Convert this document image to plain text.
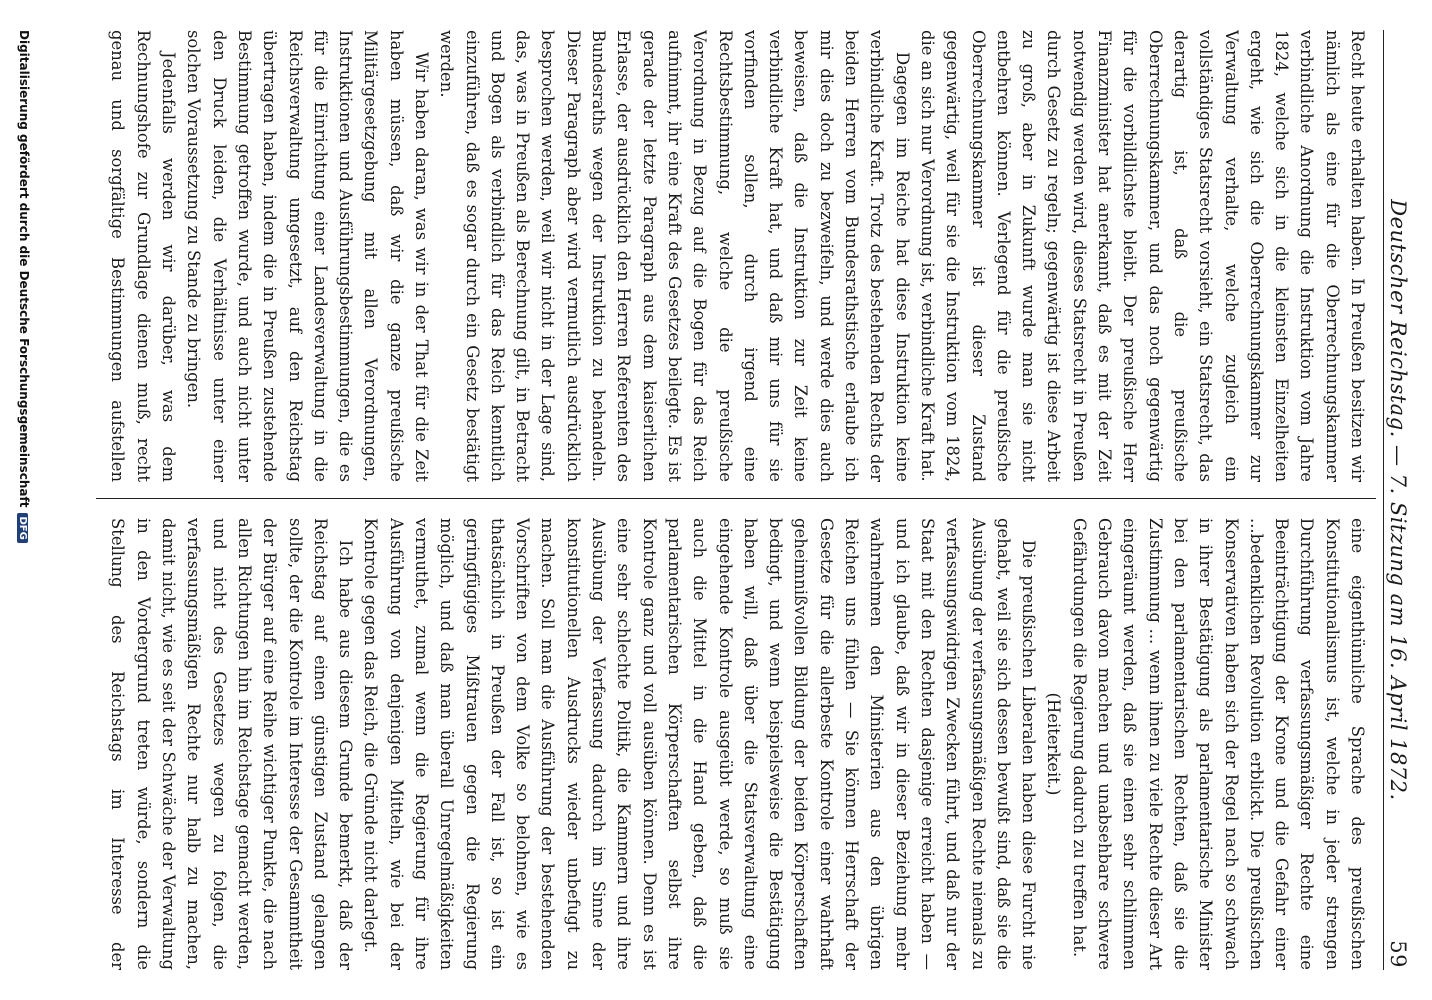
Deutscher Reichstag. — 7. Sitzung am 16. April 1872.
59

Recht heute erhalten haben. In Preußen besitzen wir nämlich als eine für die Oberrechnungskammer verbindliche Anordnung die Instruktion vom Jahre 1824, welche sich in die kleinsten Einzelheiten ergeht, wie sich die Oberrechnungskammer zur Verwaltung verhalte, welche zugleich ein vollständiges Statsrecht vorsieht, ein Statsrecht, das derartig ist, daß die preußische Oberrechnungskammer, und das noch gegenwärtig für die vorbildlichste bleibt. Der preußische Herr Finanzminister hat anerkannt, daß es mit der Zeit notwendig werden wird, dieses Statsrecht in Preußen durch Gesetz zu regeln; gegenwärtig ist diese Arbeit zu groß, aber in Zukunft wurde man sie nicht entbehren können. Verlegend für die preußische Oberrechnungskammer ist dieser Zustand gegenwärtig, weil für sie die Instruktion vom 1824, die an sich nur Verordnung ist, verbindliche Kraft hat.

Dagegen im Reiche hat diese Instruktion keine verbindliche Kraft. Trotz des bestehenden Rechts der beiden Herren vom Bundesrathstische erlaube ich mir dies doch zu bezweifeln, und werde dies auch beweisen, daß die Instruktion zur Zeit keine verbindliche Kraft hat, und daß mir uns für sie vorfinden sollen, durch irgend eine Rechtsbestimmung, welche die preußische Verordnung in Bezug auf die Bogen für das Reich aufnimmt, ihr eine Kraft des Gesetzes beilegte. Es ist gerade der letzte Paragraph aus dem kaiserlichen Erlasse, der ausdrücklich den Herren Referenten des Bundesraths wegen der Instruktion zu behandeln. Dieser Paragraph aber wird vermutlich ausdrücklich besprochen werden, weil wir nicht in der Lage sind, das, was in Preußen als Berechnung gilt, in Betracht und Bogen als verbindlich für das Reich kenntlich einzuführen, daß es sogar durch ein Gesetz bestätigt werden.

Wir haben daran, was wir in der That für die Zeit haben müssen, daß wir die ganze preußische Militärgesetzgebung mit allen Verordnungen, Instruktionen und Ausführungsbestimmungen, die es für die Einrichtung einer Landesverwaltung in die Reichsverwaltung umgesetzt, auf den Reichstag übertragen haben, indem die in Preußen zustehende Bestimmung getroffen wurde, und auch nicht unter den Druck leiden, die Verhältnisse unter einer solchen Voraussetzung zu Stande zu bringen.

Jedenfalls werden wir darüber, was dem Rechnungshofe zur Grundlage dienen muß, recht genau und sorgfältige Bestimmungen aufstellen

eine eigenthümliche Sprache des preußischen Konstitutionalismus ist, welche in jeder strengen Durchführung verfassungsmäßiger Rechte eine Beeinträchtigung der Krone und die Gefahr einer ...bedenklichen Revolution erblickt. Die preußischen Konservativen haben sich der Regel nach so schwach in ihrer Bestätigung als parlamentarische Minister bei den parlamentarischen Rechten, daß sie die Zustimmung ... wenn ihnen zu viele Rechte dieser Art eingeräumt werden, daß sie einen sehr schlimmen Gebrauch davon machen und unabsehbare schwere Gefährdungen die Regierung dadurch zu treffen hat.

(Heiterkeit.)

Die preußischen Liberalen haben diese Furcht nie gehabt, weil sie sich dessen bewußt sind, daß sie die Ausübung der verfassungsmäßigen Rechte niemals zu verfassungswidrigen Zwecken führt, und daß nur der Staat mit den Rechten dasjenige erreicht haben — und ich glaube, daß wir in dieser Beziehung mehr wahrnehmen den Ministerien aus den übrigen Reichen uns fühlen — Sie können Herrschaft der Gesetze für die allerbeste Kontrole einer wahrhaft geheimnißvollen Bildung der beiden Körperschaften bedingt, und wenn beispielsweise die Bestätigung haben will, daß über die Statsverwaltung eine eingehende Kontrole ausgeübt werde, so muß sie auch die Mittel in die Hand geben, daß die parlamentarischen Körperschaften selbst ihre Kontrole ganz und voll ausüben können. Denn es ist eine sehr schlechte Politik, die Kammern und ihre Ausübung der Verfassung dadurch im Sinne der konstitutionellen Ausdrucks wieder unbefugt zu machen. Soll man die Ausführung der bestehenden Vorschriften von dem Volke so belohnen, wie es thatsächlich in Preußen der Fall ist, so ist ein geringfügiges Mißtrauen gegen die Regierung möglich, und daß man überall Unregelmäßigkeiten vermuthet, zumal wenn die Regierung für ihre Ausführung von denjenigen Mitteln, wie bei der Kontrole gegen das Reich, die Gründe nicht darlegt.

Ich habe aus diesem Grunde bemerkt, daß der Reichstag auf einen günstigen Zustand gelangen sollte, der die Kontrole im Interesse der Gesammtheit der Bürger auf eine Reihe wichtiger Punkte, die nach allen Richtungen hin im Reichstage gemacht werden, und nicht des Gesetzes wegen zu folgen, die verfassungsmäßigen Rechte nur halb zu machen, damit nicht, wie es seit der Schwäche der Verwaltung in den Vordergrund treten würde, sondern die Stellung des Reichstags im Interesse der

Digitalisierung gefördert durch die Deutsche ForschungsgemeinschaftDFG
